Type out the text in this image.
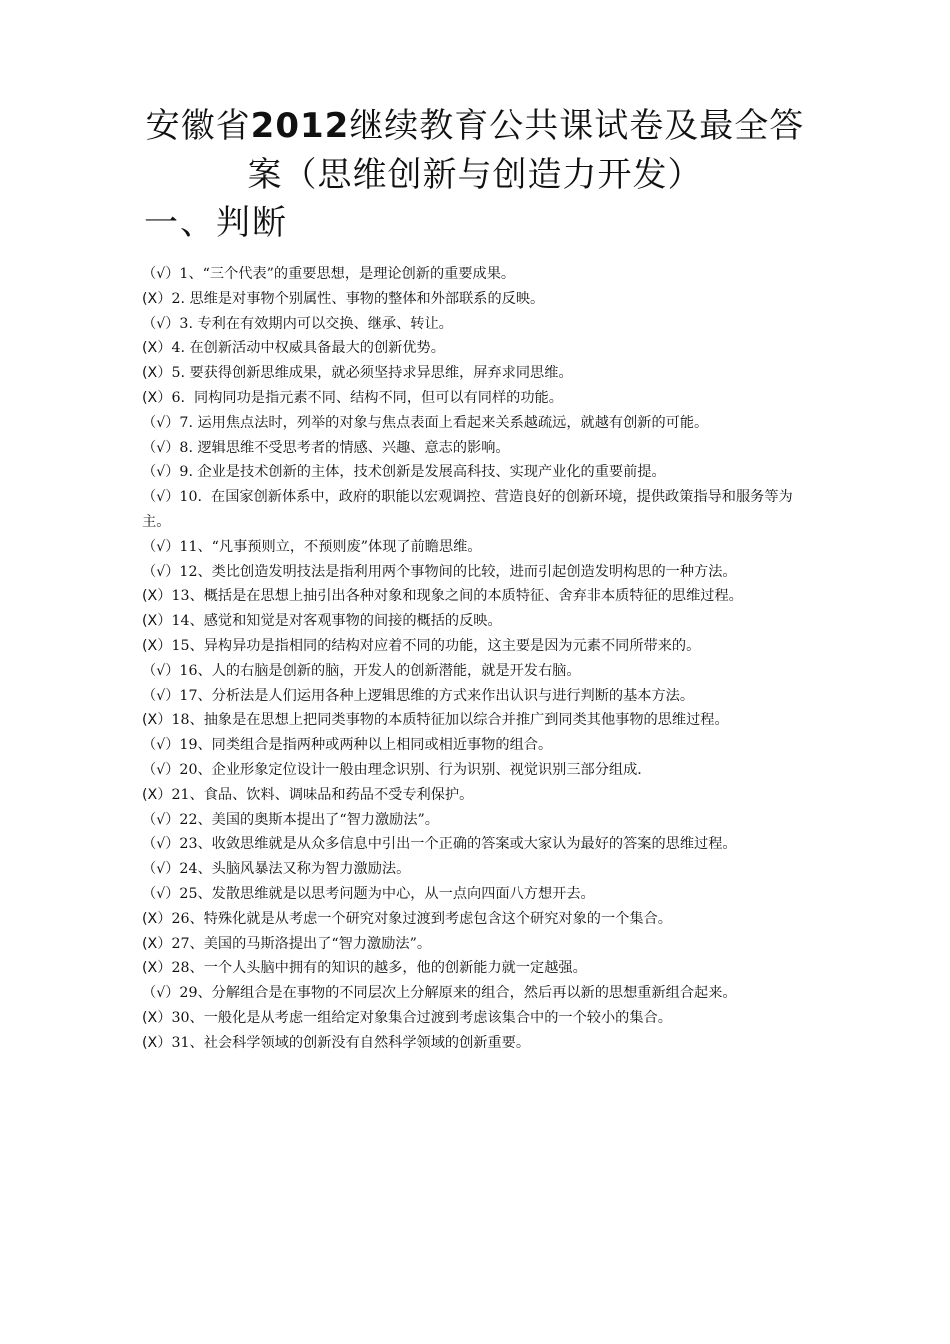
安徽省2012继续教育公共课试卷及最全答
案（思维创新与创造力开发）
一、判断

（√）1、“三个代表”的重要思想，是理论创新的重要成果。

(X）2. 思维是对事物个别属性、事物的整体和外部联系的反映。

（√）3. 专利在有效期内可以交换、继承、转让。

(X）4. 在创新活动中权威具备最大的创新优势。

(X）5. 要获得创新思维成果，就必须坚持求异思维，屏弃求同思维。

(X）6.  同构同功是指元素不同、结构不同，但可以有同样的功能。

（√）7. 运用焦点法时，列举的对象与焦点表面上看起来关系越疏远，就越有创新的可能。

（√）8. 逻辑思维不受思考者的情感、兴趣、意志的影响。

（√）9. 企业是技术创新的主体，技术创新是发展高科技、实现产业化的重要前提。

（√）10.  在国家创新体系中，政府的职能以宏观调控、营造良好的创新环境，提供政策指导和服务等为
主。

（√）11、“凡事预则立，不预则废”体现了前瞻思维。

（√）12、类比创造发明技法是指利用两个事物间的比较，进而引起创造发明构思的一种方法。

(X）13、概括是在思想上抽引出各种对象和现象之间的本质特征、舍弃非本质特征的思维过程。

(X）14、感觉和知觉是对客观事物的间接的概括的反映。

(X）15、异构异功是指相同的结构对应着不同的功能，这主要是因为元素不同所带来的。

（√）16、人的右脑是创新的脑，开发人的创新潜能，就是开发右脑。

（√）17、分析法是人们运用各种上逻辑思维的方式来作出认识与进行判断的基本方法。

(X）18、抽象是在思想上把同类事物的本质特征加以综合并推广到同类其他事物的思维过程。

（√）19、同类组合是指两种或两种以上相同或相近事物的组合。

（√）20、企业形象定位设计一般由理念识别、行为识别、视觉识别三部分组成.

(X）21、食品、饮料、调味品和药品不受专利保护。

（√）22、美国的奥斯本提出了“智力激励法”。

（√）23、收敛思维就是从众多信息中引出一个正确的答案或大家认为最好的答案的思维过程。

（√）24、头脑风暴法又称为智力激励法。

（√）25、发散思维就是以思考问题为中心，从一点向四面八方想开去。

(X）26、特殊化就是从考虑一个研究对象过渡到考虑包含这个研究对象的一个集合。

(X）27、美国的马斯洛提出了“智力激励法”。

(X）28、一个人头脑中拥有的知识的越多，他的创新能力就一定越强。

（√）29、分解组合是在事物的不同层次上分解原来的组合，然后再以新的思想重新组合起来。

(X）30、一般化是从考虑一组给定对象集合过渡到考虑该集合中的一个较小的集合。

(X）31、社会科学领域的创新没有自然科学领域的创新重要。
